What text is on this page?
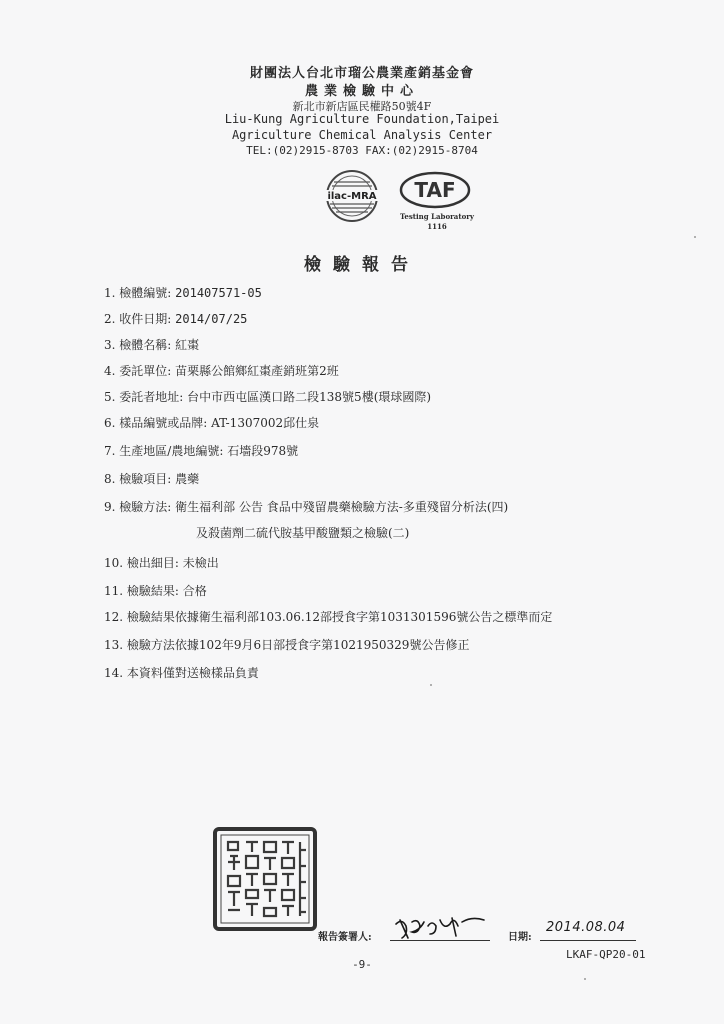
財團法人台北市瑠公農業產銷基金會
農業檢驗中心
新北市新店區民權路50號4F
Liu-Kung Agriculture Foundation,Taipei
Agriculture Chemical Analysis Center
TEL:(02)2915-8703 FAX:(02)2915-8704
ilac-MRA TAF
Testing Laboratory
1116
檢驗報告
1. 檢體編號: 201407571-05
2. 收件日期: 2014/07/25
3. 檢體名稱: 紅棗
4. 委託單位: 苗栗縣公館鄉紅棗產銷班第2班
5. 委託者地址: 台中市西屯區漢口路二段138號5樓(環球國際)
6. 樣品編號或品牌: AT-1307002邱仕泉
7. 生產地區/農地編號: 石墻段978號
8. 檢驗項目: 農藥
9. 檢驗方法: 衛生福利部 公告 食品中殘留農藥檢驗方法-多重殘留分析法(四)
及殺菌劑二硫代胺基甲酸鹽類之檢驗(二)
10. 檢出細目: 未檢出
11. 檢驗結果: 合格
12. 檢驗結果依據衛生福利部103.06.12部授食字第1031301596號公告之標準而定
13. 檢驗方法依據102年9月6日部授食字第1021950329號公告修正
14. 本資料僅對送檢樣品負責
報告簽署人:	日期:
2014.08.04
LKAF-QP20-01
-9-
